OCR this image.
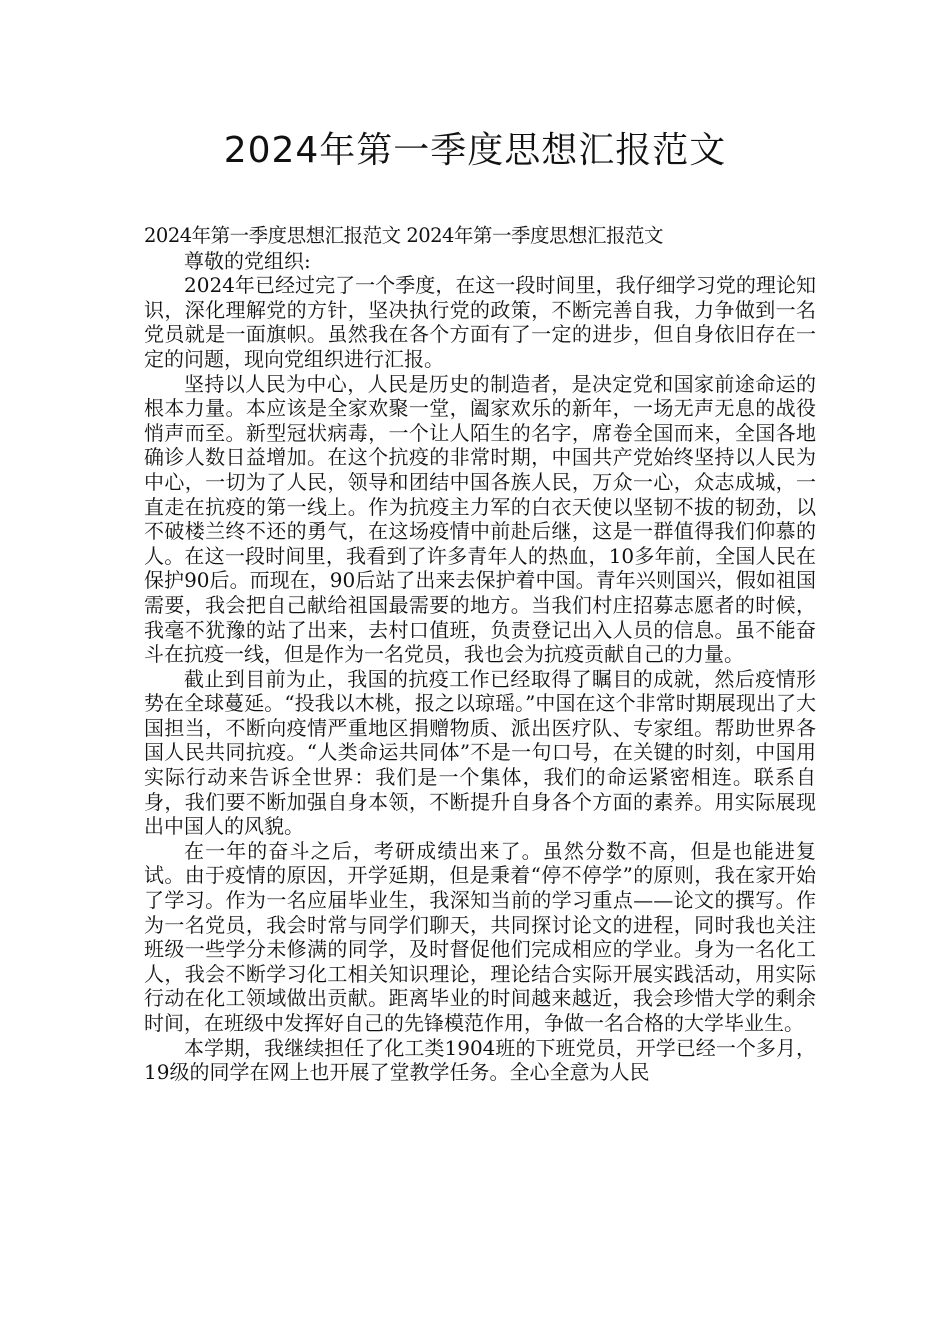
2024年第一季度思想汇报范文

2024年第一季度思想汇报范文 2024年第一季度思想汇报范文

尊敬的党组织:

2024年已经过完了一个季度，在这一段时间里，我仔细学习党的理论知识，深化理解党的方针，坚决执行党的政策，不断完善自我，力争做到一名党员就是一面旗帜。虽然我在各个方面有了一定的进步，但自身依旧存在一定的问题，现向党组织进行汇报。

坚持以人民为中心，人民是历史的制造者，是决定党和国家前途命运的根本力量。本应该是全家欢聚一堂，阖家欢乐的新年，一场无声无息的战役悄声而至。新型冠状病毒，一个让人陌生的名字，席卷全国而来，全国各地确诊人数日益增加。在这个抗疫的非常时期，中国共产党始终坚持以人民为中心，一切为了人民，领导和团结中国各族人民，万众一心，众志成城，一直走在抗疫的第一线上。作为抗疫主力军的白衣天使以坚韧不拔的韧劲，以不破楼兰终不还的勇气，在这场疫情中前赴后继，这是一群值得我们仰慕的人。在这一段时间里，我看到了许多青年人的热血，10多年前，全国人民在保护90后。而现在，90后站了出来去保护着中国。青年兴则国兴，假如祖国需要，我会把自己献给祖国最需要的地方。当我们村庄招募志愿者的时候，我毫不犹豫的站了出来，去村口值班，负责登记出入人员的信息。虽不能奋斗在抗疫一线，但是作为一名党员，我也会为抗疫贡献自己的力量。

截止到目前为止，我国的抗疫工作已经取得了瞩目的成就，然后疫情形势在全球蔓延。“投我以木桃，报之以琼瑶。”中国在这个非常时期展现出了大国担当，不断向疫情严重地区捐赠物质、派出医疗队、专家组。帮助世界各国人民共同抗疫。“人类命运共同体”不是一句口号，在关键的时刻，中国用实际行动来告诉全世界：我们是一个集体，我们的命运紧密相连。联系自身，我们要不断加强自身本领，不断提升自身各个方面的素养。用实际展现出中国人的风貌。

在一年的奋斗之后，考研成绩出来了。虽然分数不高，但是也能进复试。由于疫情的原因，开学延期，但是秉着“停不停学”的原则，我在家开始了学习。作为一名应届毕业生，我深知当前的学习重点——论文的撰写。作为一名党员，我会时常与同学们聊天，共同探讨论文的进程，同时我也关注班级一些学分未修满的同学，及时督促他们完成相应的学业。身为一名化工人，我会不断学习化工相关知识理论，理论结合实际开展实践活动，用实际行动在化工领域做出贡献。距离毕业的时间越来越近，我会珍惜大学的剩余时间，在班级中发挥好自己的先锋模范作用，争做一名合格的大学毕业生。

本学期，我继续担任了化工类1904班的下班党员，开学已经一个多月，19级的同学在网上也开展了堂教学任务。全心全意为人民
